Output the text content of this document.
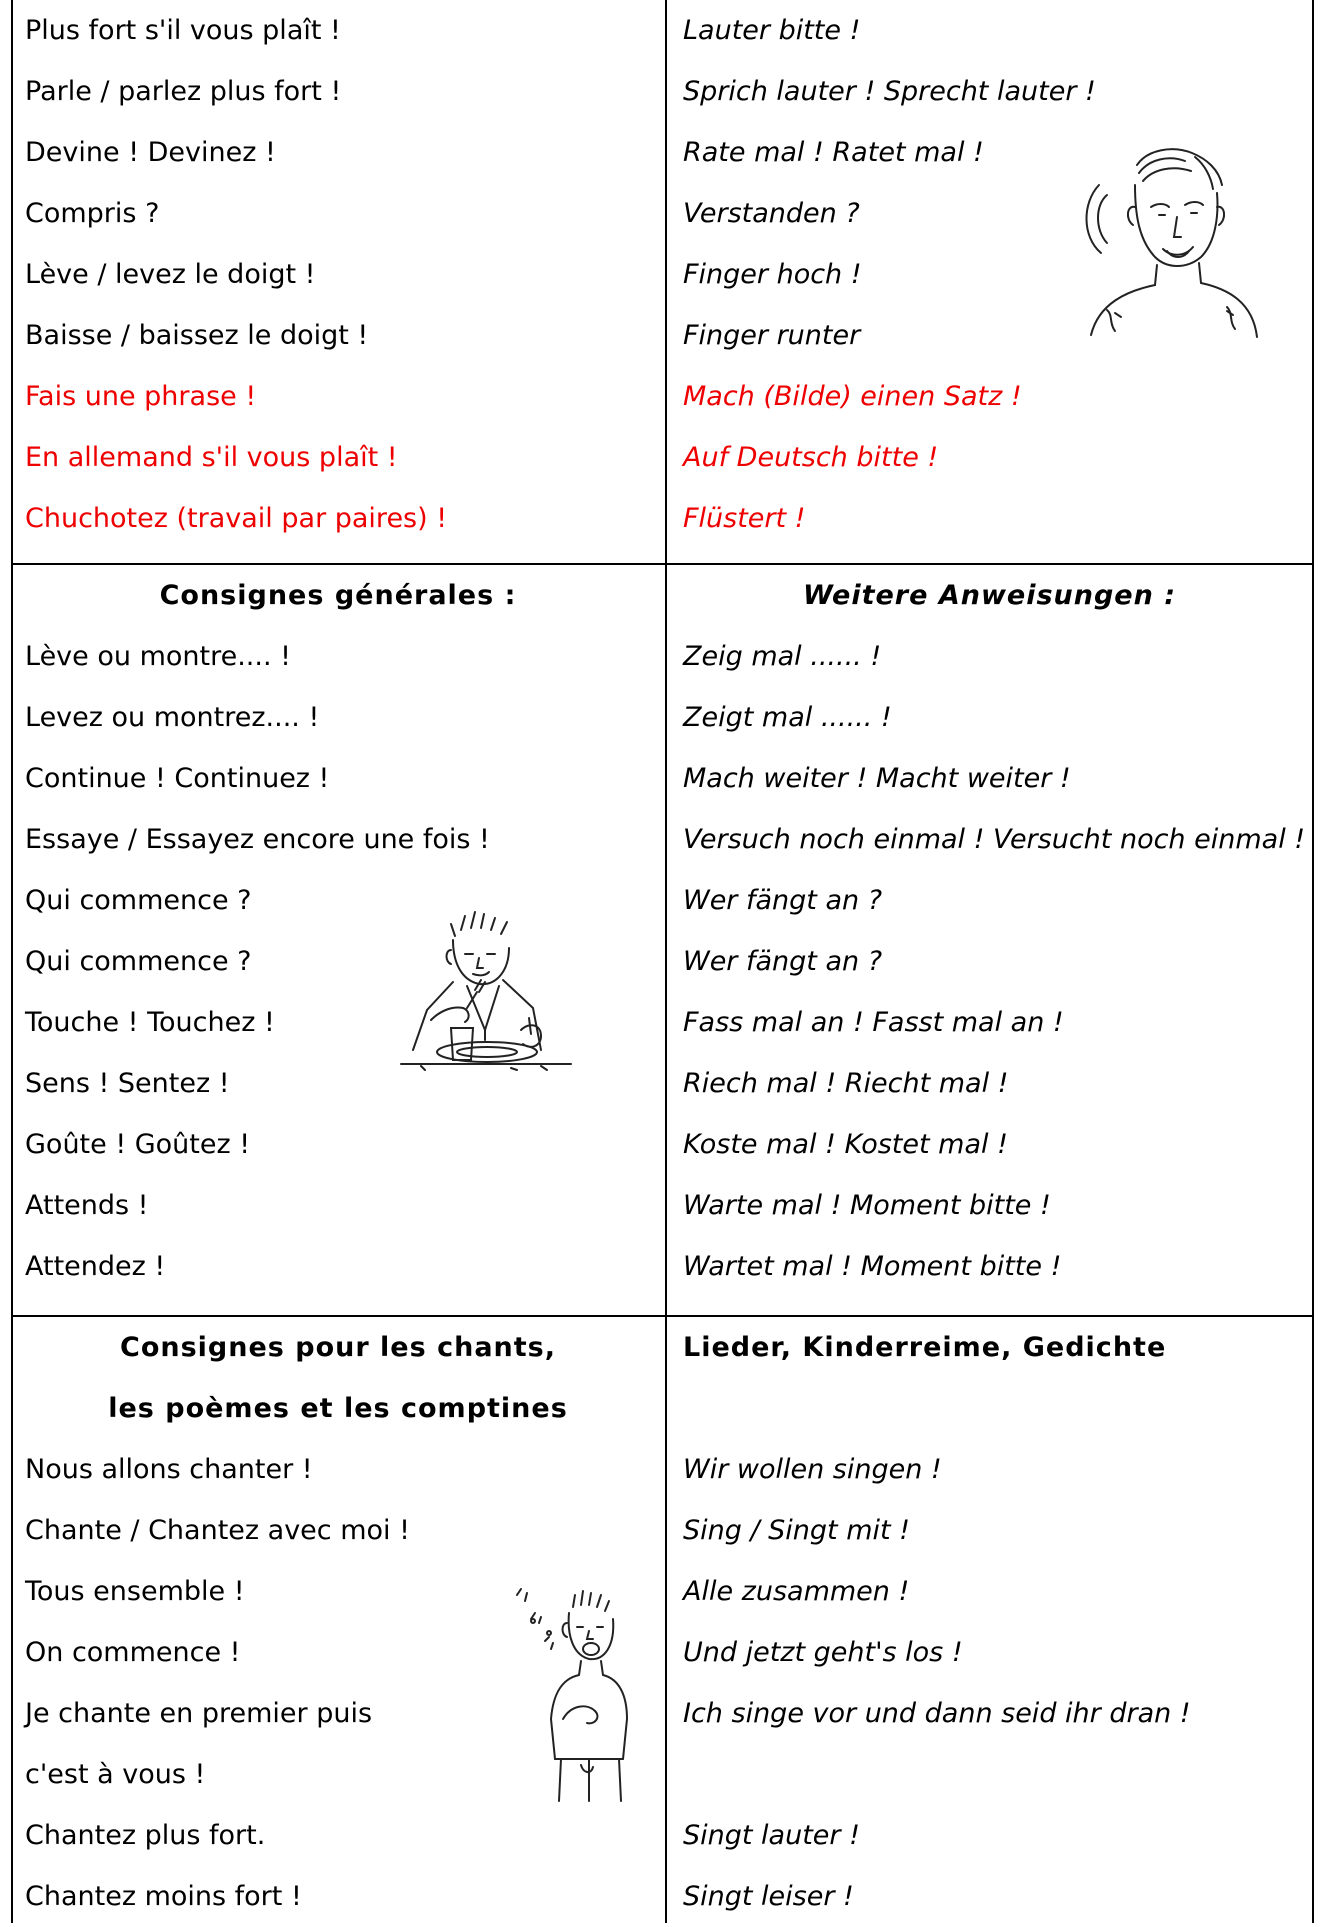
Plus fort s'il vous plaît !
Parle / parlez plus fort !
Devine ! Devinez !
Compris ?
Lève / levez le doigt !
Baisse / baissez le doigt !
Fais une phrase !
En allemand s'il vous plaît !
Chuchotez (travail par paires) !
Lauter bitte !
Sprich lauter ! Sprecht lauter !
Rate mal ! Ratet mal !
Verstanden ?
Finger hoch !
Finger runter
Mach (Bilde) einen Satz !
Auf Deutsch bitte !
Flüstert !
Consignes générales :
Lève ou montre.... !
Levez ou montrez.... !
Continue ! Continuez !
Essaye / Essayez encore une fois !
Qui commence ?
Qui commence ?
Touche ! Touchez !
Sens ! Sentez !
Goûte ! Goûtez !
Attends !
Attendez !
Weitere Anweisungen :
Zeig mal ...... !
Zeigt mal ...... !
Mach weiter ! Macht weiter !
Versuch noch einmal ! Versucht noch einmal !
Wer fängt an ?
Wer fängt an ?
Fass mal an ! Fasst mal an !
Riech mal ! Riecht mal !
Koste mal ! Kostet mal !
Warte mal ! Moment bitte !
Wartet mal ! Moment bitte !
Consignes pour les chants,
les poèmes et les comptines
Nous allons chanter !
Chante / Chantez avec moi !
Tous ensemble !
On commence !
Je chante en premier puis
c'est à vous !
Chantez plus fort.
Chantez moins fort !
Lieder, Kinderreime, Gedichte
Wir wollen singen !
Sing / Singt mit !
Alle zusammen !
Und jetzt geht's los !
Ich singe vor und dann seid ihr dran !
Singt lauter !
Singt leiser !
